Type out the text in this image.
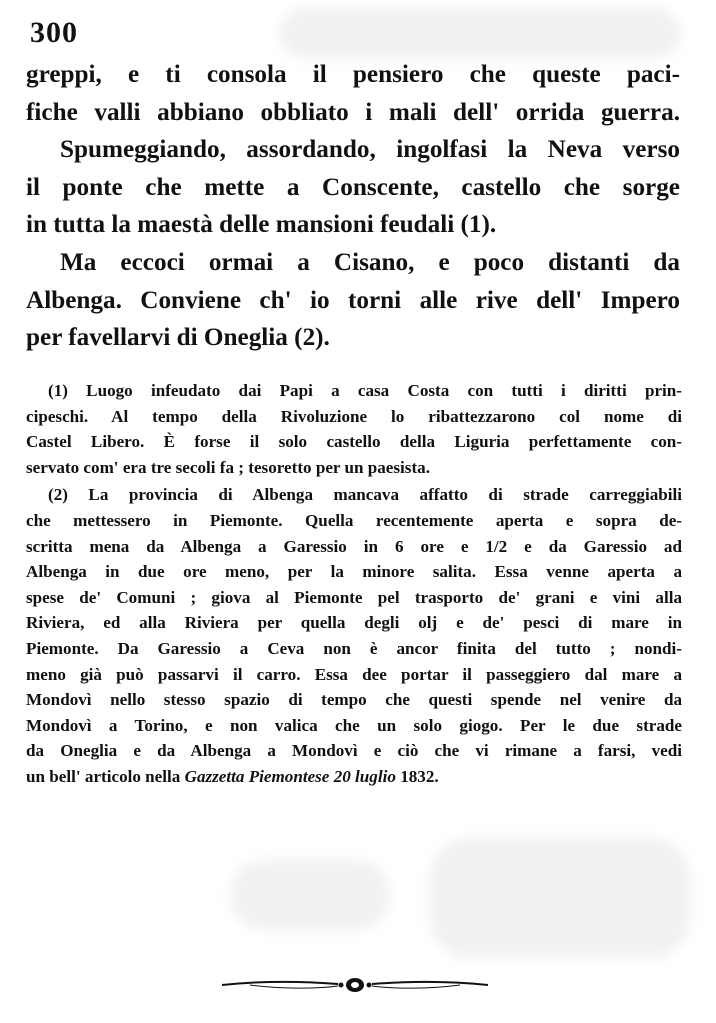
300
greppi, e ti consola il pensiero che queste paci-
fiche valli abbiano obbliato i mali dell' orrida guerra.
Spumeggiando, assordando, ingolfasi la Neva verso
il ponte che mette a Conscente, castello che sorge
in tutta la maestà delle mansioni feudali (1).
Ma eccoci ormai a Cisano, e poco distanti da
Albenga. Conviene ch' io torni alle rive dell' Impero
per favellarvi di Oneglia (2).
(1) Luogo infeudato dai Papi a casa Costa con tutti i diritti prin-
cipeschi. Al tempo della Rivoluzione lo ribattezzarono col nome di
Castel Libero. È forse il solo castello della Liguria perfettamente con-
servato com' era tre secoli fa ; tesoretto per un paesista.
(2) La provincia di Albenga mancava affatto di strade carreggiabili
che mettessero in Piemonte. Quella recentemente aperta e sopra de-
scritta mena da Albenga a Garessio in 6 ore e 1/2 e da Garessio ad
Albenga in due ore meno, per la minore salita. Essa venne aperta a
spese de' Comuni ; giova al Piemonte pel trasporto de' grani e vini alla
Riviera, ed alla Riviera per quella degli olj e de' pesci di mare in
Piemonte. Da Garessio a Ceva non è ancor finita del tutto ; nondi-
meno già può passarvi il carro. Essa dee portar il passeggiero dal mare a
Mondovì nello stesso spazio di tempo che questi spende nel venire da
Mondovì a Torino, e non valica che un solo giogo. Per le due strade
da Oneglia e da Albenga a Mondovì e ciò che vi rimane a farsi, vedi
un bell' articolo nella Gazzetta Piemontese 20 luglio 1832.
